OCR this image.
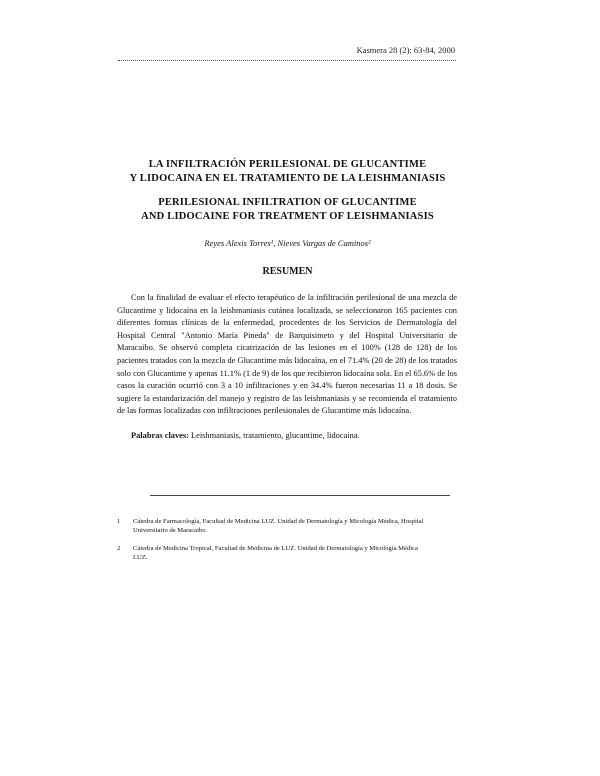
Kasmera 28 (2): 63-84, 2000
LA INFILTRACIÓN PERILESIONAL DE GLUCANTIME
Y LIDOCAINA EN EL TRATAMIENTO DE LA LEISHMANIASIS
PERILESIONAL INFILTRATION OF GLUCANTIME
AND LIDOCAINE FOR TREATMENT OF LEISHMANIASIS
Reyes Alexis Torres¹, Nieves Vargas de Caminos²
RESUMEN

Con la finalidad de evaluar el efecto terapéutico de la infiltración perilesional de una mezcla de Glucantime y lidocaína en la leishmaniasis cutánea localizada, se seleccionaron 165 pacientes con diferentes formas clínicas de la enfermedad, procedentes de los Servicios de Dermatología del Hospital Central "Antonio María Pineda" de Barquisimeto y del Hospital Universitario de Maracaibo. Se observó completa cicatrización de las lesiones en el 100% (128 de 128) de los pacientes tratados con la mezcla de Glucantime más lidocaína, en el 71.4% (20 de 28) de los tratados solo con Glucantime y apenas 11.1% (1 de 9) de los que recibieron lidocaína sola. En el 65.6% de los casos la curación ocurrió con 3 a 10 infiltraciones y en 34.4% fueron necesarias 11 a 18 dosis. Se sugiere la estandarización del manejo y registro de las leishmaniasis y se recomienda el tratamiento de las formas localizadas con infiltraciones perilesionales de Glucantime más lidocaína.

Palabras claves: Leishmaniasis, tratamiento, glucantime, lidocaina.
1 Cátedra de Farmacología, Facultad de Medicina LUZ. Unidad de Dermatología y Micología Médica, Hospital
Universitario de Maracaibo.
2 Cátedra de Medicina Tropical, Facultad de Medicina de LUZ. Unidad de Dermatología y Micología Médica
LUZ.
